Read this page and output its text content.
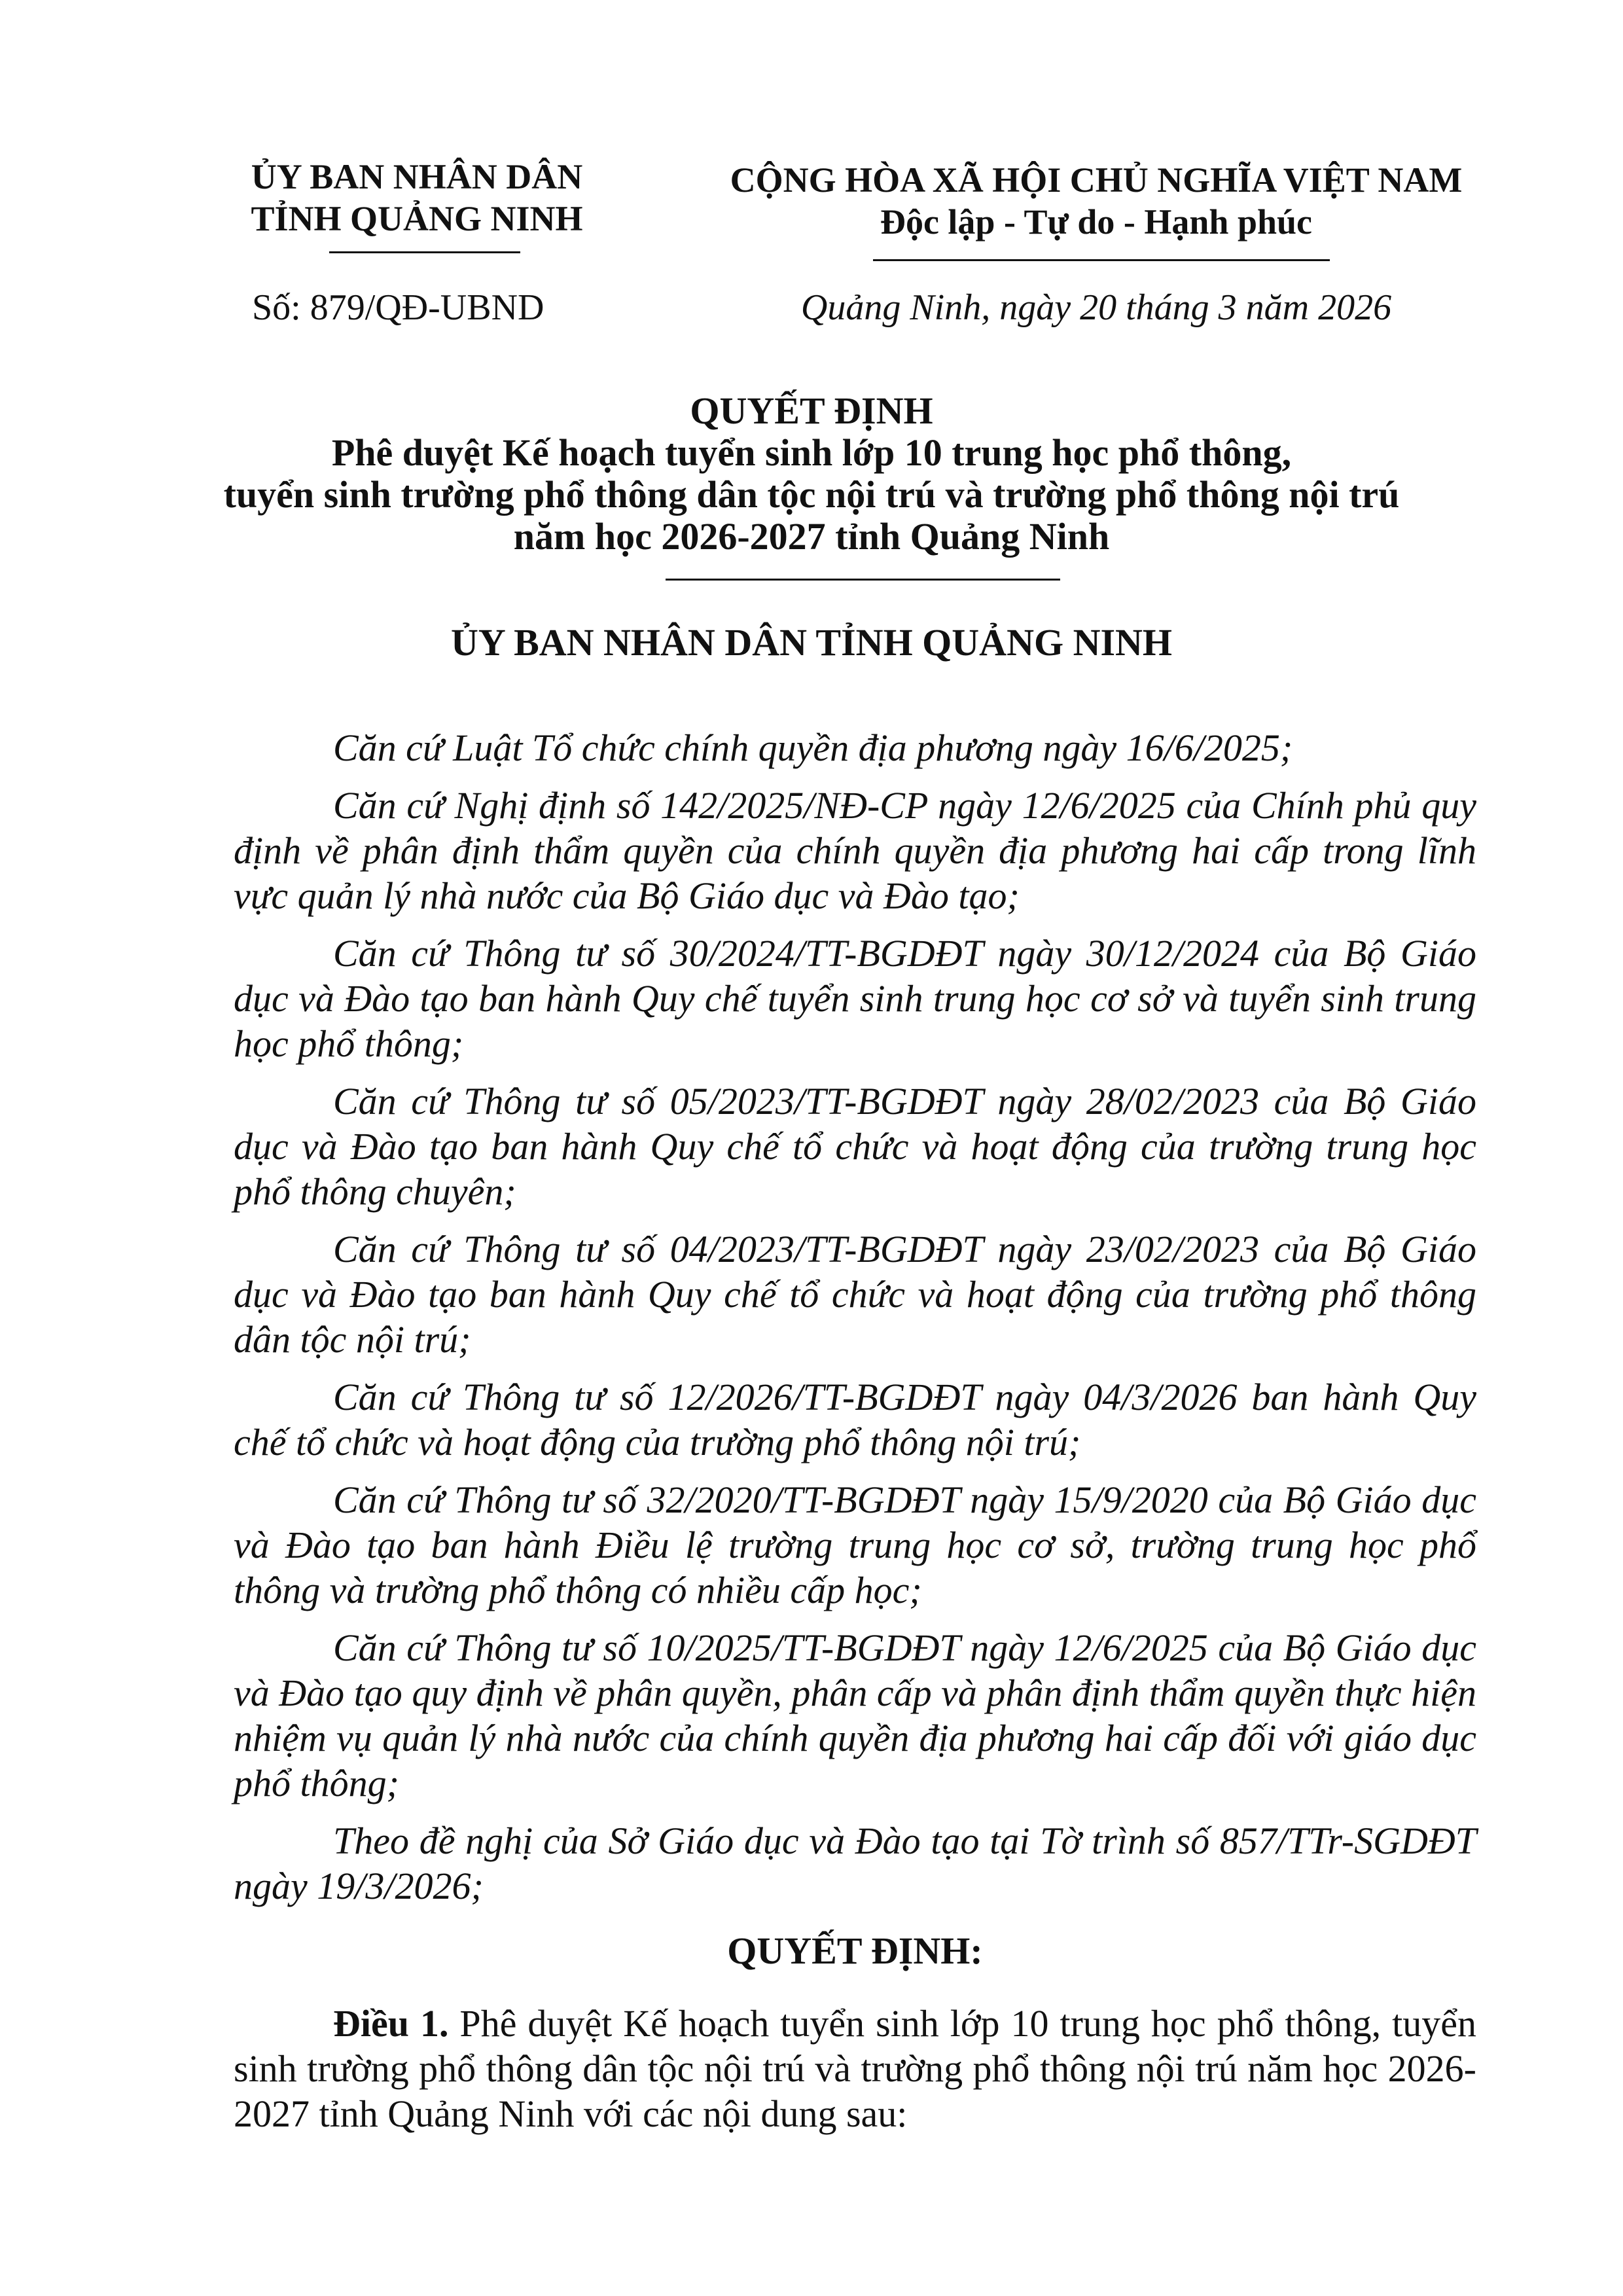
ỦY BAN NHÂN DÂN
TỈNH QUẢNG NINH
CỘNG HÒA XÃ HỘI CHỦ NGHĨA VIỆT NAM
Độc lập - Tự do - Hạnh phúc
Số: 879/QĐ-UBND	Quảng Ninh, ngày 20 tháng 3 năm 2026
QUYẾT ĐỊNH
Phê duyệt Kế hoạch tuyển sinh lớp 10 trung học phổ thông,
tuyển sinh trường phổ thông dân tộc nội trú và trường phổ thông nội trú
năm học 2026-2027 tỉnh Quảng Ninh
ỦY BAN NHÂN DÂN TỈNH QUẢNG NINH

Căn cứ Luật Tổ chức chính quyền địa phương ngày 16/6/2025;

Căn cứ Nghị định số 142/2025/NĐ-CP ngày 12/6/2025 của Chính phủ quy định về phân định thẩm quyền của chính quyền địa phương hai cấp trong lĩnh vực quản lý nhà nước của Bộ Giáo dục và Đào tạo;

Căn cứ Thông tư số 30/2024/TT-BGDĐT ngày 30/12/2024 của Bộ Giáo dục và Đào tạo ban hành Quy chế tuyển sinh trung học cơ sở và tuyển sinh trung học phổ thông;

Căn cứ Thông tư số 05/2023/TT-BGDĐT ngày 28/02/2023 của Bộ Giáo dục và Đào tạo ban hành Quy chế tổ chức và hoạt động của trường trung học phổ thông chuyên;

Căn cứ Thông tư số 04/2023/TT-BGDĐT ngày 23/02/2023 của Bộ Giáo dục và Đào tạo ban hành Quy chế tổ chức và hoạt động của trường phổ thông dân tộc nội trú;

Căn cứ Thông tư số 12/2026/TT-BGDĐT ngày 04/3/2026 ban hành Quy chế tổ chức và hoạt động của trường phổ thông nội trú;

Căn cứ Thông tư số 32/2020/TT-BGDĐT ngày 15/9/2020 của Bộ Giáo dục và Đào tạo ban hành Điều lệ trường trung học cơ sở, trường trung học phổ thông và trường phổ thông có nhiều cấp học;

Căn cứ Thông tư số 10/2025/TT-BGDĐT ngày 12/6/2025 của Bộ Giáo dục và Đào tạo quy định về phân quyền, phân cấp và phân định thẩm quyền thực hiện nhiệm vụ quản lý nhà nước của chính quyền địa phương hai cấp đối với giáo dục phổ thông;

Theo đề nghị của Sở Giáo dục và Đào tạo tại Tờ trình số 857/TTr-SGDĐT ngày 19/3/2026;

QUYẾT ĐỊNH:

Điều 1. Phê duyệt Kế hoạch tuyển sinh lớp 10 trung học phổ thông, tuyển sinh trường phổ thông dân tộc nội trú và trường phổ thông nội trú năm học 2026-2027 tỉnh Quảng Ninh với các nội dung sau:
